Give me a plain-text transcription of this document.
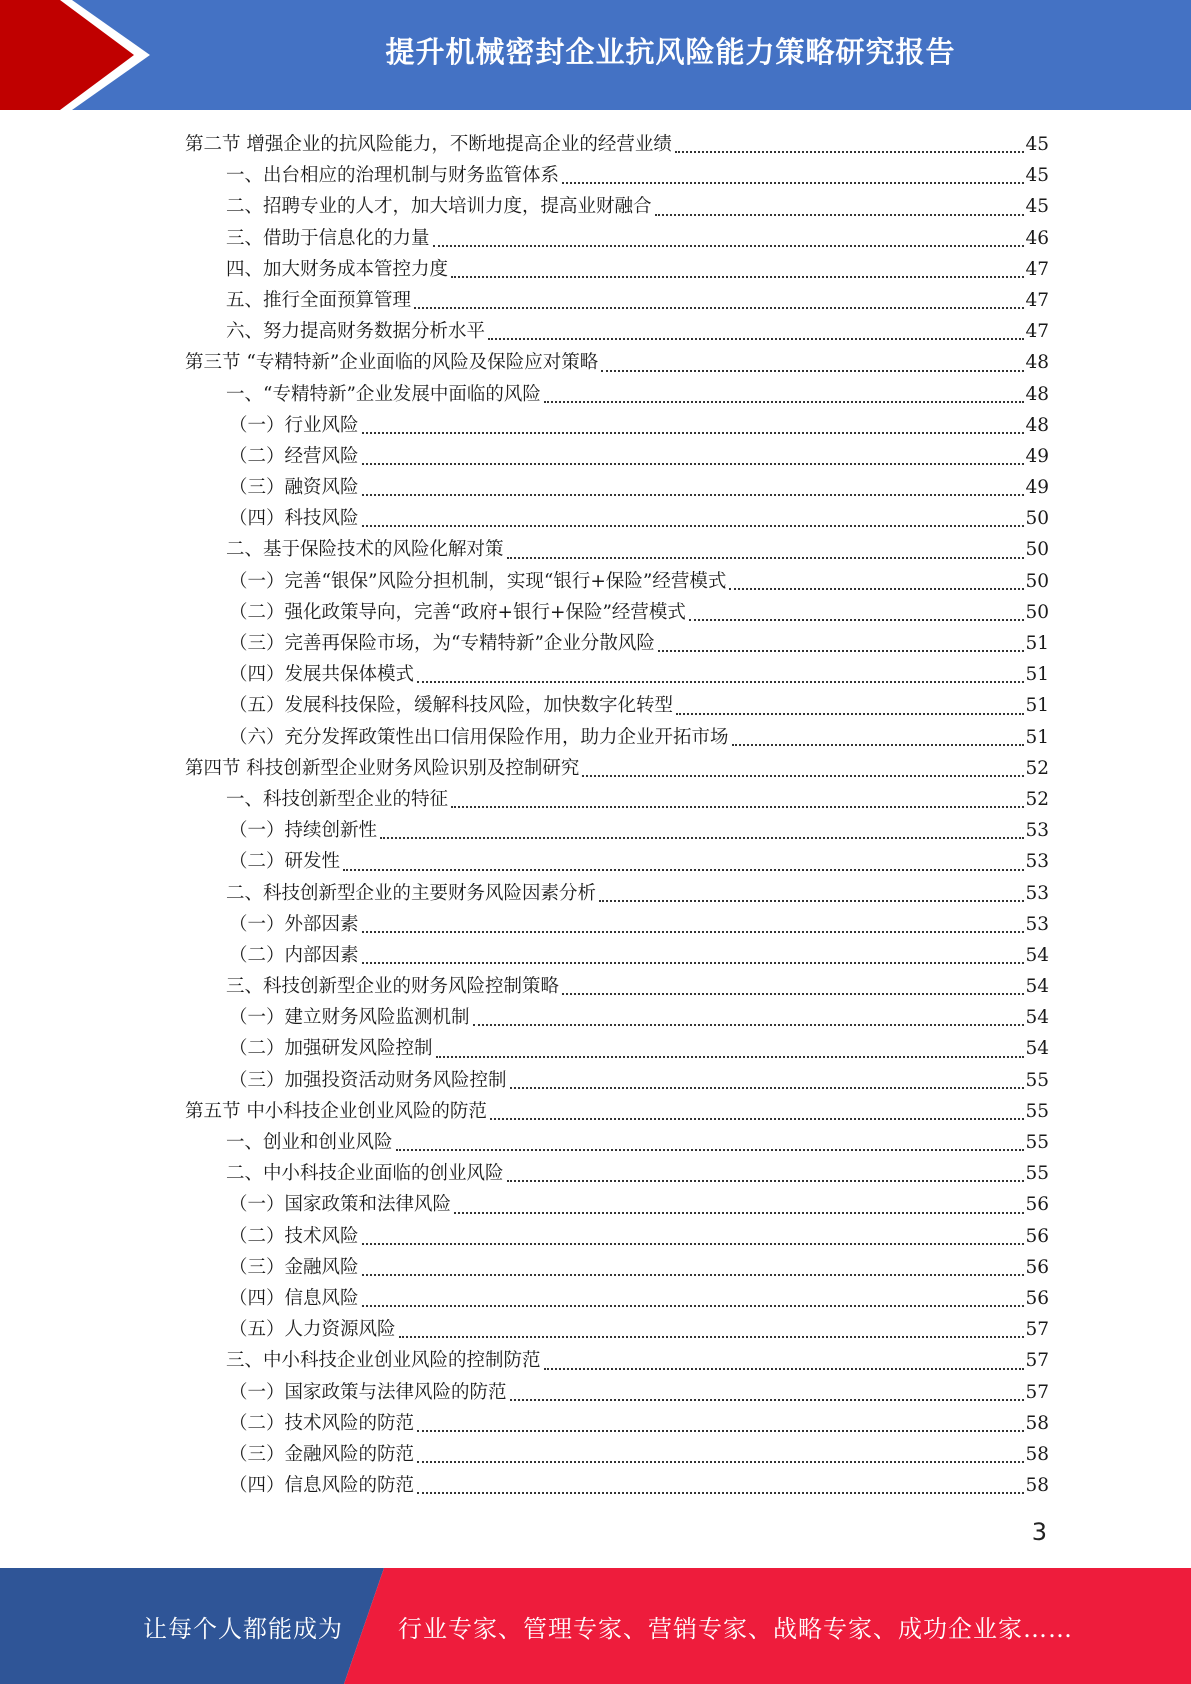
提升机械密封企业抗风险能力策略研究报告
第二节 增强企业的抗风险能力，不断地提高企业的经营业绩	45
一、出台相应的治理机制与财务监管体系	45
二、招聘专业的人才，加大培训力度，提高业财融合	45
三、借助于信息化的力量	46
四、加大财务成本管控力度	47
五、推行全面预算管理	47
六、努力提高财务数据分析水平	47
第三节 “专精特新”企业面临的风险及保险应对策略	48
一、“专精特新”企业发展中面临的风险	48
（一）行业风险	48
（二）经营风险	49
（三）融资风险	49
（四）科技风险	50
二、基于保险技术的风险化解对策	50
（一）完善“银保”风险分担机制，实现“银行+保险”经营模式	50
（二）强化政策导向，完善“政府+银行+保险”经营模式	50
（三）完善再保险市场，为“专精特新”企业分散风险	51
（四）发展共保体模式	51
（五）发展科技保险，缓解科技风险，加快数字化转型	51
（六）充分发挥政策性出口信用保险作用，助力企业开拓市场	51
第四节 科技创新型企业财务风险识别及控制研究	52
一、科技创新型企业的特征	52
（一）持续创新性	53
（二）研发性	53
二、科技创新型企业的主要财务风险因素分析	53
（一）外部因素	53
（二）内部因素	54
三、科技创新型企业的财务风险控制策略	54
（一）建立财务风险监测机制	54
（二）加强研发风险控制	54
（三）加强投资活动财务风险控制	55
第五节 中小科技企业创业风险的防范	55
一、创业和创业风险	55
二、中小科技企业面临的创业风险	55
（一）国家政策和法律风险	56
（二）技术风险	56
（三）金融风险	56
（四）信息风险	56
（五）人力资源风险	57
三、中小科技企业创业风险的控制防范	57
（一）国家政策与法律风险的防范	57
（二）技术风险的防范	58
（三）金融风险的防范	58
（四）信息风险的防范	58
3
让每个人都能成为 行业专家、管理专家、营销专家、战略专家、成功企业家……
